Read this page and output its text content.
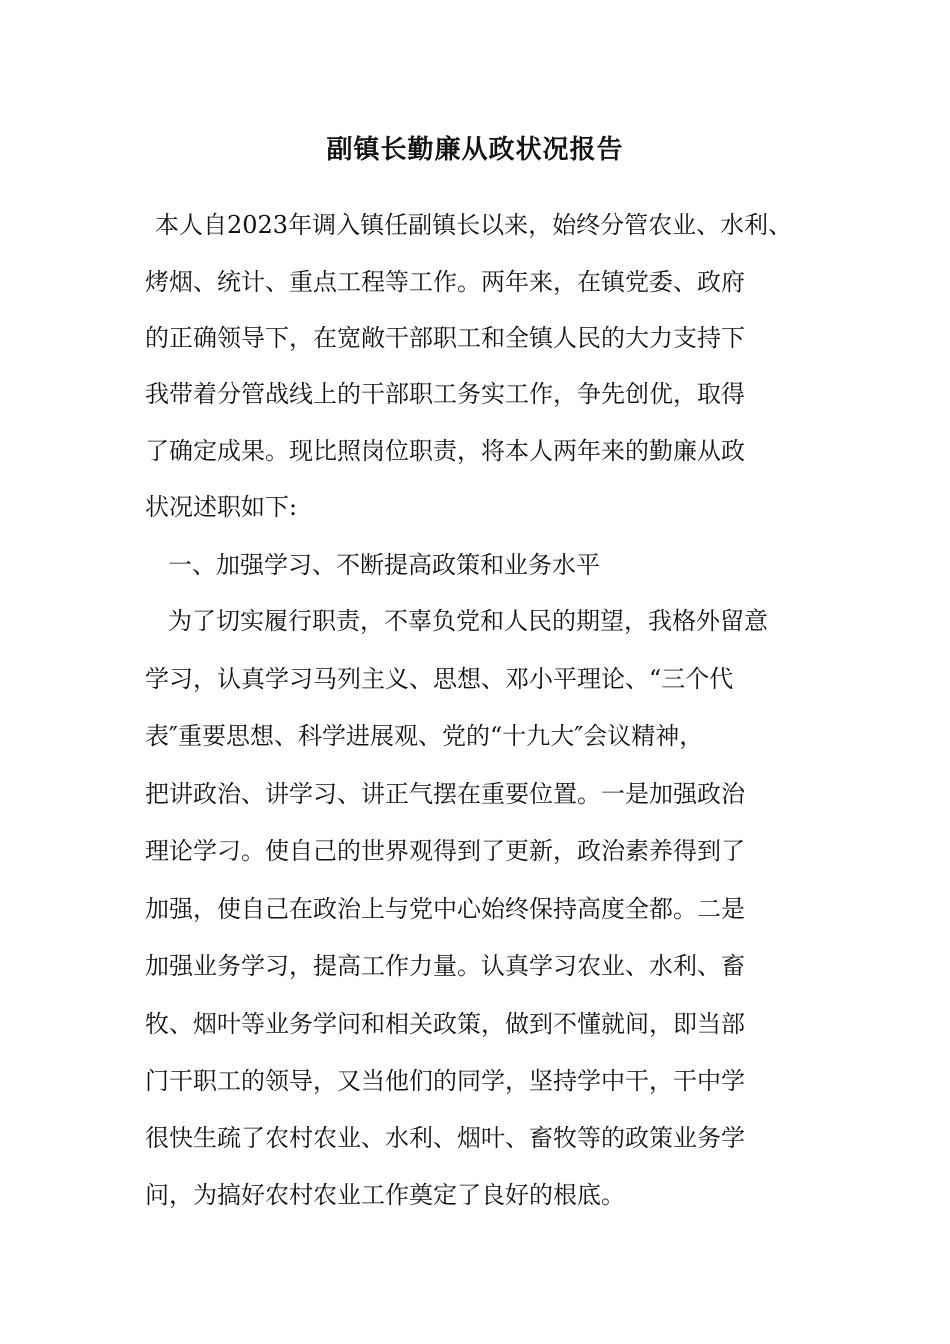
副镇长勤廉从政状况报告
本人自2023年调入镇任副镇长以来，始终分管农业、水利、
烤烟、统计、重点工程等工作。两年来，在镇党委、政府
的正确领导下，在宽敞干部职工和全镇人民的大力支持下
我带着分管战线上的干部职工务实工作，争先创优，取得
了确定成果。现比照岗位职责，将本人两年来的勤廉从政
状况述职如下:
一、加强学习、不断提高政策和业务水平
为了切实履行职责，不辜负党和人民的期望，我格外留意
学习，认真学习马列主义、思想、邓小平理论、“三个代
表″重要思想、科学进展观、党的“十九大″会议精神，
把讲政治、讲学习、讲正气摆在重要位置。一是加强政治
理论学刁。使自己的世界观得到了更新，政治素养得到了
加强，使自己在政治上与党中心始终保持高度全都。二是
加强业务学习，提高工作力量。认真学习农业、水利、畜
牧、烟叶等业务学问和相关政策，做到不懂就间，即当部
门干职工的领导，又当他们的同学，坚持学中干，干中学
很快生疏了农村农业、水利、烟叶、畜牧等的政策业务学
问，为搞好农村农业工作奠定了良好的根底。
